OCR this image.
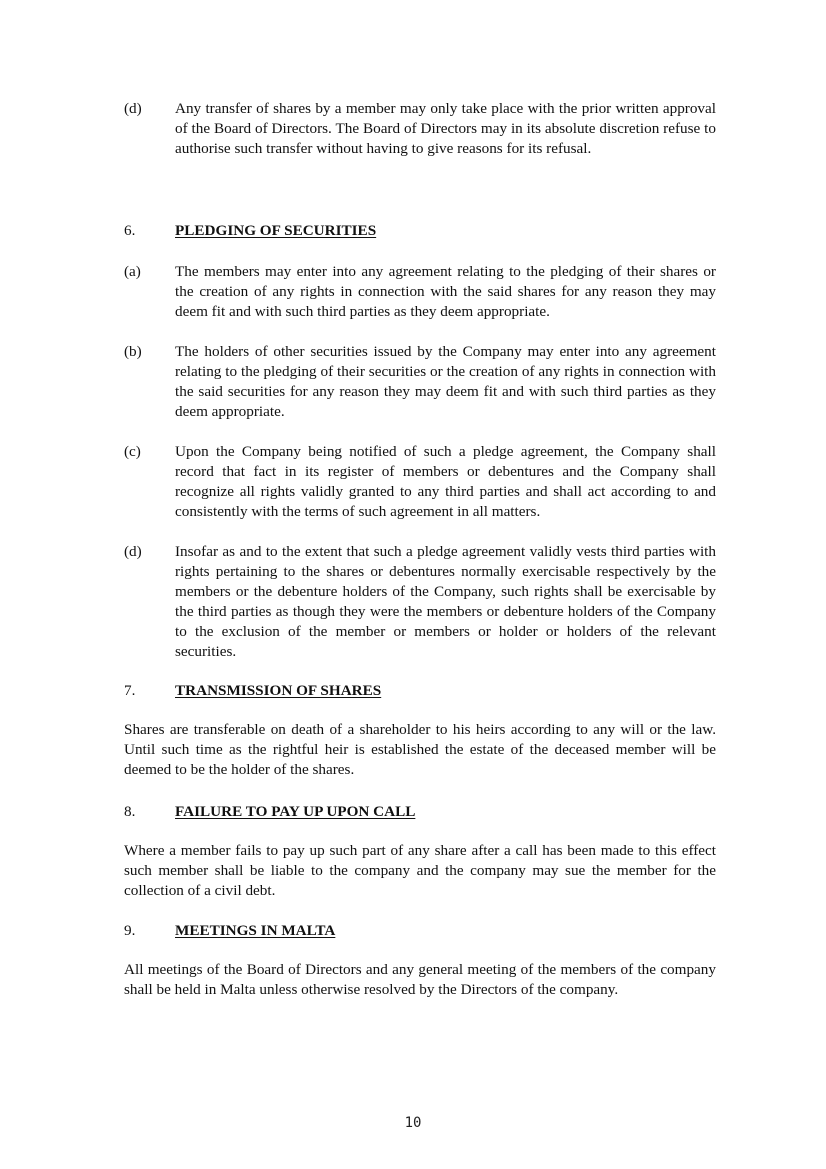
(d) Any transfer of shares by a member may only take place with the prior written approval of the Board of Directors. The Board of Directors may in its absolute discretion refuse to authorise such transfer without having to give reasons for its refusal.
6.	PLEDGING OF SECURITIES
(a) The members may enter into any agreement relating to the pledging of their shares or the creation of any rights in connection with the said shares for any reason they may deem fit and with such third parties as they deem appropriate.
(b) The holders of other securities issued by the Company may enter into any agreement relating to the pledging of their securities or the creation of any rights in connection with the said securities for any reason they may deem fit and with such third parties as they deem appropriate.
(c) Upon the Company being notified of such a pledge agreement, the Company shall record that fact in its register of members or debentures and the Company shall recognize all rights validly granted to any third parties and shall act according to and consistently with the terms of such agreement in all matters.
(d) Insofar as and to the extent that such a pledge agreement validly vests third parties with rights pertaining to the shares or debentures normally exercisable respectively by the members or the debenture holders of the Company, such rights shall be exercisable by the third parties as though they were the members or debenture holders of the Company to the exclusion of the member or members or holder or holders of the relevant securities.
7.	TRANSMISSION OF SHARES
Shares are transferable on death of a shareholder to his heirs according to any will or the law. Until such time as the rightful heir is established the estate of the deceased member will be deemed to be the holder of the shares.
8.	FAILURE TO PAY UP UPON CALL
Where a member fails to pay up such part of any share after a call has been made to this effect such member shall be liable to the company and the company may sue the member for the collection of a civil debt.
9.	MEETINGS IN MALTA
All meetings of the Board of Directors and any general meeting of the members of the company shall be held in Malta unless otherwise resolved by the Directors of the company.
10
